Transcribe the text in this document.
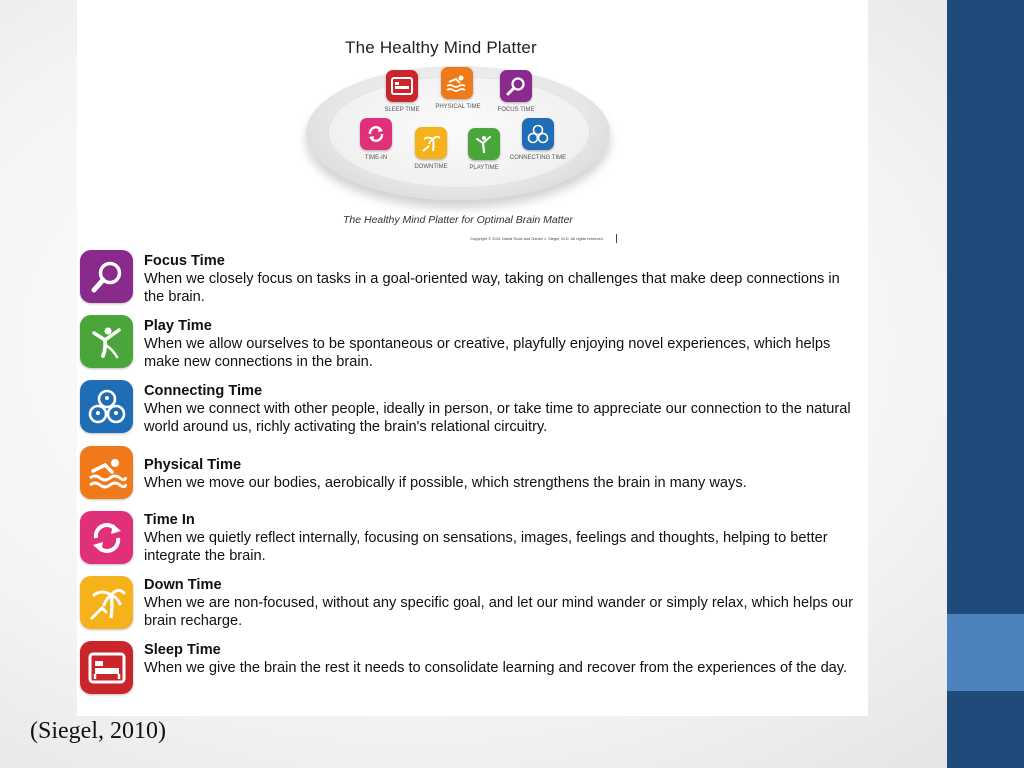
The Healthy Mind Platter
SLEEP TIME	PHYSICAL TIME	FOCUS TIME
TIME-IN
DOWNTIME	PLAYTIME
CONNECTING TIME
The Healthy Mind Platter for Optimal Brain Matter
Copyright © 2011 David Rock and Daniel J. Siegel, M.D. All rights reserved.
Focus Time
When we closely focus on tasks in a goal-oriented way, taking on challenges that make deep connections in the brain.
Play Time
When we allow ourselves to be spontaneous or creative, playfully enjoying novel experiences, which helps make new connections in the brain.
Connecting Time
When we connect with other people, ideally in person, or take time to appreciate our connection to the natural world around us, richly activating the brain's relational circuitry.
Physical Time
When we move our bodies, aerobically if possible, which strengthens the brain in many ways.
Time In
When we quietly reflect internally, focusing on sensations, images, feelings and thoughts, helping to better integrate the brain.
Down Time
When we are non-focused, without any specific goal, and let our mind wander or simply relax, which helps our brain recharge.
Sleep Time
When we give the brain the rest it needs to consolidate learning and recover from the experiences of the day.
(Siegel, 2010)
